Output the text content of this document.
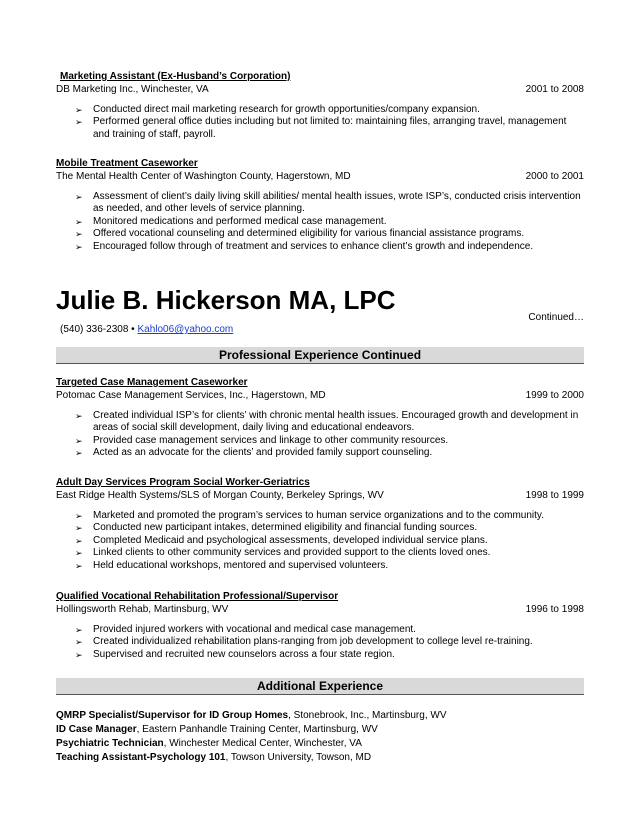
Marketing Assistant (Ex-Husband’s Corporation)
DB Marketing Inc., Winchester, VA	2001 to 2008
➢ Conducted direct mail marketing research for growth opportunities/company expansion.
➢ Performed general office duties including but not limited to: maintaining files, arranging travel, management and training of staff, payroll.
Mobile Treatment Caseworker
The Mental Health Center of Washington County, Hagerstown, MD	2000 to 2001
➢ Assessment of client’s daily living skill abilities/ mental health issues, wrote ISP’s, conducted crisis intervention as needed, and other levels of service planning.
➢ Monitored medications and performed medical case management.
➢ Offered vocational counseling and determined eligibility for various financial assistance programs.
➢ Encouraged follow through of treatment and services to enhance client’s growth and independence.
Julie B. Hickerson MA, LPC
Continued…
(540) 336-2308 • Kahlo06@yahoo.com
Professional Experience Continued
Targeted Case Management Caseworker
Potomac Case Management Services, Inc., Hagerstown, MD	1999 to 2000
➢ Created individual ISP’s for clients’ with chronic mental health issues. Encouraged growth and development in areas of social skill development, daily living and educational endeavors.
➢ Provided case management services and linkage to other community resources.
➢ Acted as an advocate for the clients’ and provided family support counseling.
Adult Day Services Program Social Worker-Geriatrics
East Ridge Health Systems/SLS of Morgan County, Berkeley Springs, WV	1998 to 1999
➢ Marketed and promoted the program’s services to human service organizations and to the community.
➢ Conducted new participant intakes, determined eligibility and financial funding sources.
➢ Completed Medicaid and psychological assessments, developed individual service plans.
➢ Linked clients to other community services and provided support to the clients loved ones.
➢ Held educational workshops, mentored and supervised volunteers.
Qualified Vocational Rehabilitation Professional/Supervisor
Hollingsworth Rehab, Martinsburg, WV	1996 to 1998
➢ Provided injured workers with vocational and medical case management.
➢ Created individualized rehabilitation plans-ranging from job development to college level re-training.
➢ Supervised and recruited new counselors across a four state region.
Additional Experience
QMRP Specialist/Supervisor for ID Group Homes, Stonebrook, Inc., Martinsburg, WV
ID Case Manager, Eastern Panhandle Training Center, Martinsburg, WV
Psychiatric Technician, Winchester Medical Center, Winchester, VA
Teaching Assistant-Psychology 101, Towson University, Towson, MD
